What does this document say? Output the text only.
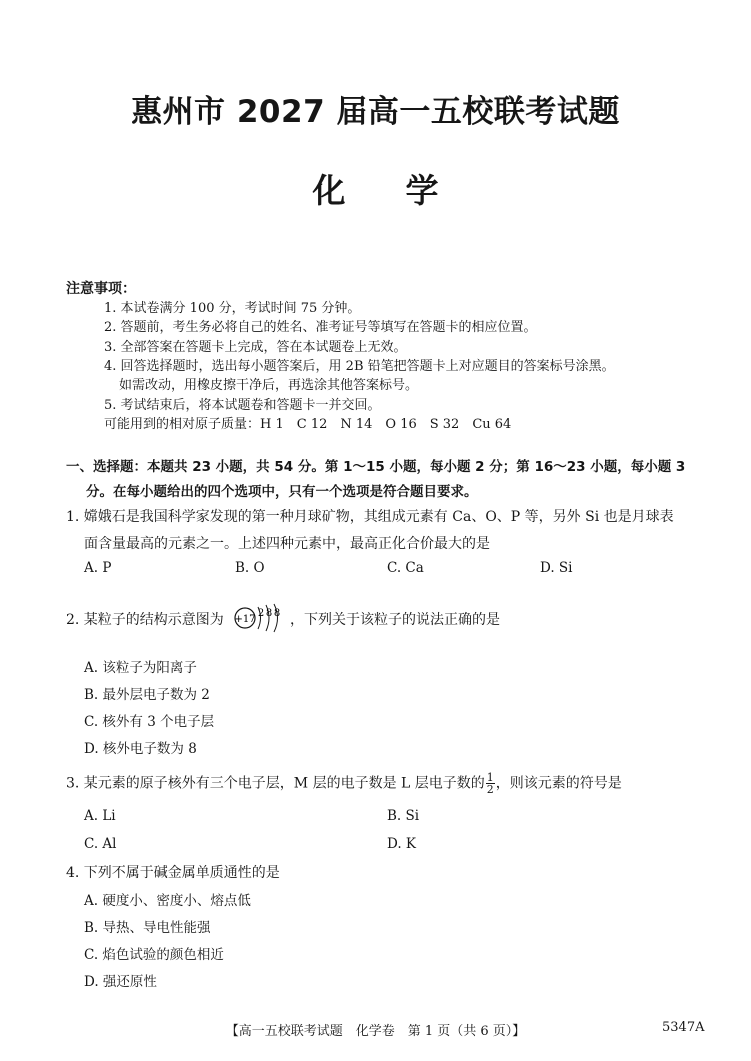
惠州市 2027 届高一五校联考试题
化学
注意事项：
1. 本试卷满分 100 分，考试时间 75 分钟。
2. 答题前，考生务必将自己的姓名、准考证号等填写在答题卡的相应位置。
3. 全部答案在答题卡上完成，答在本试题卷上无效。
4. 回答选择题时，选出每小题答案后，用 2B 铅笔把答题卡上对应题目的答案标号涂黑。
如需改动，用橡皮擦干净后，再选涂其他答案标号。
5. 考试结束后，将本试题卷和答题卡一并交回。
可能用到的相对原子质量：H 1　C 12　N 14　O 16　S 32　Cu 64
一、选择题：本题共 23 小题，共 54 分。第 1～15 小题，每小题 2 分；第 16～23 小题，每小题 3
分。在每小题给出的四个选项中，只有一个选项是符合题目要求。
1. 嫦娥石是我国科学家发现的第一种月球矿物，其组成元素有 Ca、O、P 等，另外 Si 也是月球表
面含量最高的元素之一。上述四种元素中，最高正化合价最大的是
A. P	B. O	C. Ca	D. Si
2. 某粒子的结构示意图为 +17
2 8 8 ，下列关于该粒子的说法正确的是
A. 该粒子为阳离子
B. 最外层电子数为 2
C. 核外有 3 个电子层
D. 核外电子数为 8
3. 某元素的原子核外有三个电子层，M 层的电子数是 L 层电子数的 $\frac{1}{2}$ ，则该元素的符号是
A. Li	B. Si
C. Al	D. K
4. 下列不属于碱金属单质通性的是
A. 硬度小、密度小、熔点低
B. 导热、导电性能强
C. 焰色试验的颜色相近
D. 强还原性
【高一五校联考试题　化学卷　第 1 页（共 6 页）】	5347A
